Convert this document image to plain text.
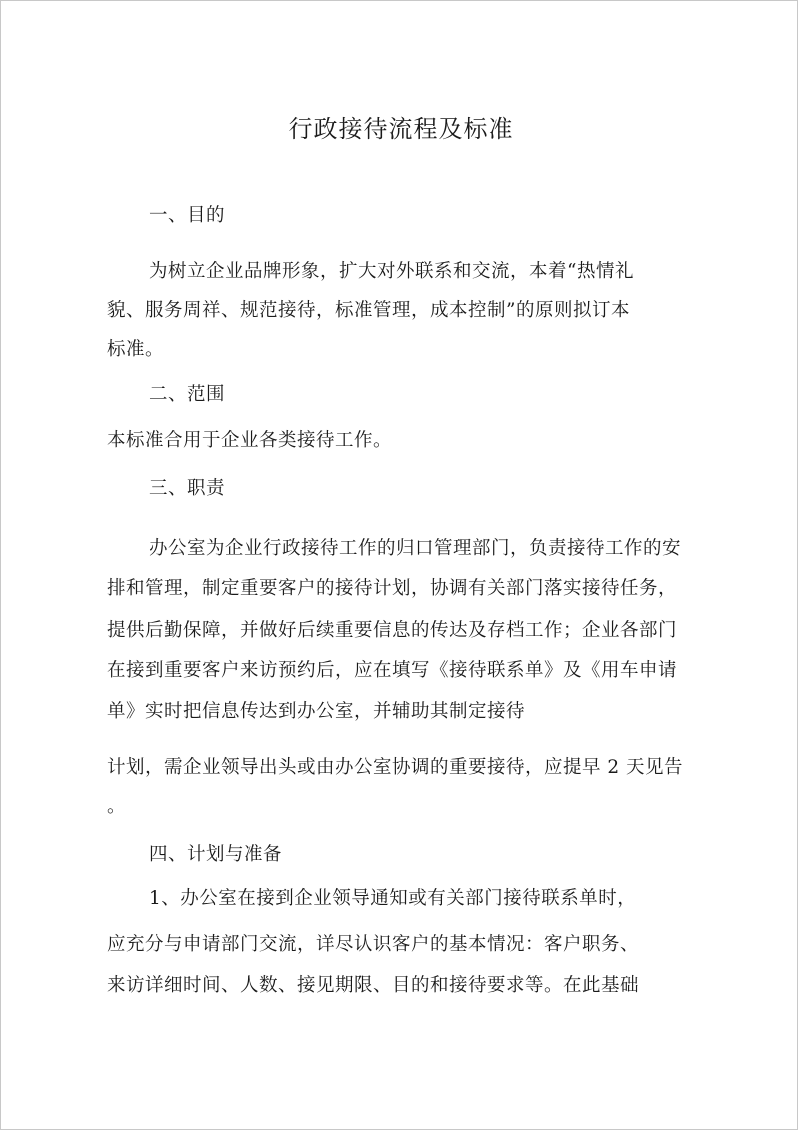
行政接待流程及标准
一、目的
为树立企业品牌形象，扩大对外联系和交流，本着“热情礼
貌、服务周祥、规范接待，标准管理，成本控制”的原则拟订本
标准。
二、范围
本标准合用于企业各类接待工作。
三、职责
办公室为企业行政接待工作的归口管理部门，负责接待工作的安
排和管理，制定重要客户的接待计划，协调有关部门落实接待任务，
提供后勤保障，并做好后续重要信息的传达及存档工作；企业各部门
在接到重要客户来访预约后，应在填写《接待联系单》及《用车申请
单》实时把信息传达到办公室，并辅助其制定接待
计划，需企业领导出头或由办公室协调的重要接待，应提早 2 天见告
。
四、计划与准备
1、办公室在接到企业领导通知或有关部门接待联系单时，
应充分与申请部门交流，详尽认识客户的基本情况：客户职务、
来访详细时间、人数、接见期限、目的和接待要求等。在此基础
